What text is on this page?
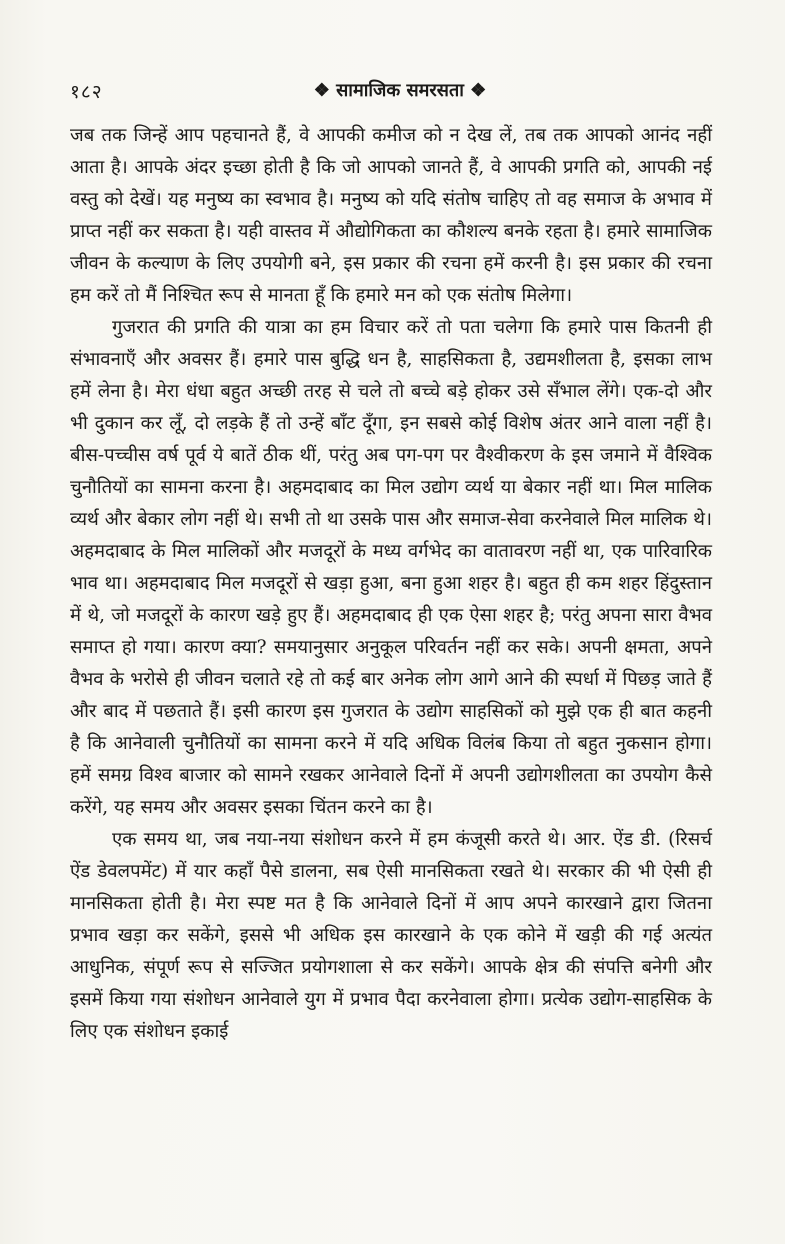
१८२	❖ सामाजिक समरसता ❖

जब तक जिन्हें आप पहचानते हैं, वे आपकी कमीज को न देख लें, तब तक आपको आनंद नहीं आता है। आपके अंदर इच्छा होती है कि जो आपको जानते हैं, वे आपकी प्रगति को, आपकी नई वस्तु को देखें। यह मनुष्य का स्वभाव है। मनुष्य को यदि संतोष चाहिए तो वह समाज के अभाव में प्राप्त नहीं कर सकता है। यही वास्तव में औद्योगिकता का कौशल्य बनके रहता है। हमारे सामाजिक जीवन के कल्याण के लिए उपयोगी बने, इस प्रकार की रचना हमें करनी है। इस प्रकार की रचना हम करें तो मैं निश्चित रूप से मानता हूँ कि हमारे मन को एक संतोष मिलेगा।

गुजरात की प्रगति की यात्रा का हम विचार करें तो पता चलेगा कि हमारे पास कितनी ही संभावनाएँ और अवसर हैं। हमारे पास बुद्धि धन है, साहसिकता है, उद्यमशीलता है, इसका लाभ हमें लेना है। मेरा धंधा बहुत अच्छी तरह से चले तो बच्चे बड़े होकर उसे सँभाल लेंगे। एक-दो और भी दुकान कर लूँ, दो लड़के हैं तो उन्हें बाँट दूँगा, इन सबसे कोई विशेष अंतर आने वाला नहीं है। बीस-पच्चीस वर्ष पूर्व ये बातें ठीक थीं, परंतु अब पग-पग पर वैश्वीकरण के इस जमाने में वैश्विक चुनौतियों का सामना करना है। अहमदाबाद का मिल उद्योग व्यर्थ या बेकार नहीं था। मिल मालिक व्यर्थ और बेकार लोग नहीं थे। सभी तो था उसके पास और समाज-सेवा करनेवाले मिल मालिक थे। अहमदाबाद के मिल मालिकों और मजदूरों के मध्य वर्गभेद का वातावरण नहीं था, एक पारिवारिक भाव था। अहमदाबाद मिल मजदूरों से खड़ा हुआ, बना हुआ शहर है। बहुत ही कम शहर हिंदुस्तान में थे, जो मजदूरों के कारण खड़े हुए हैं। अहमदाबाद ही एक ऐसा शहर है; परंतु अपना सारा वैभव समाप्त हो गया। कारण क्या? समयानुसार अनुकूल परिवर्तन नहीं कर सके। अपनी क्षमता, अपने वैभव के भरोसे ही जीवन चलाते रहे तो कई बार अनेक लोग आगे आने की स्पर्धा में पिछड़ जाते हैं और बाद में पछताते हैं। इसी कारण इस गुजरात के उद्योग साहसिकों को मुझे एक ही बात कहनी है कि आनेवाली चुनौतियों का सामना करने में यदि अधिक विलंब किया तो बहुत नुकसान होगा। हमें समग्र विश्व बाजार को सामने रखकर आनेवाले दिनों में अपनी उद्योगशीलता का उपयोग कैसे करेंगे, यह समय और अवसर इसका चिंतन करने का है।

एक समय था, जब नया-नया संशोधन करने में हम कंजूसी करते थे। आर. ऐंड डी. (रिसर्च ऐंड डेवलपमेंट) में यार कहाँ पैसे डालना, सब ऐसी मानसिकता रखते थे। सरकार की भी ऐसी ही मानसिकता होती है। मेरा स्पष्ट मत है कि आनेवाले दिनों में आप अपने कारखाने द्वारा जितना प्रभाव खड़ा कर सकेंगे, इससे भी अधिक इस कारखाने के एक कोने में खड़ी की गई अत्यंत आधुनिक, संपूर्ण रूप से सज्जित प्रयोगशाला से कर सकेंगे। आपके क्षेत्र की संपत्ति बनेगी और इसमें किया गया संशोधन आनेवाले युग में प्रभाव पैदा करनेवाला होगा। प्रत्येक उद्योग-साहसिक के लिए एक संशोधन इकाई
